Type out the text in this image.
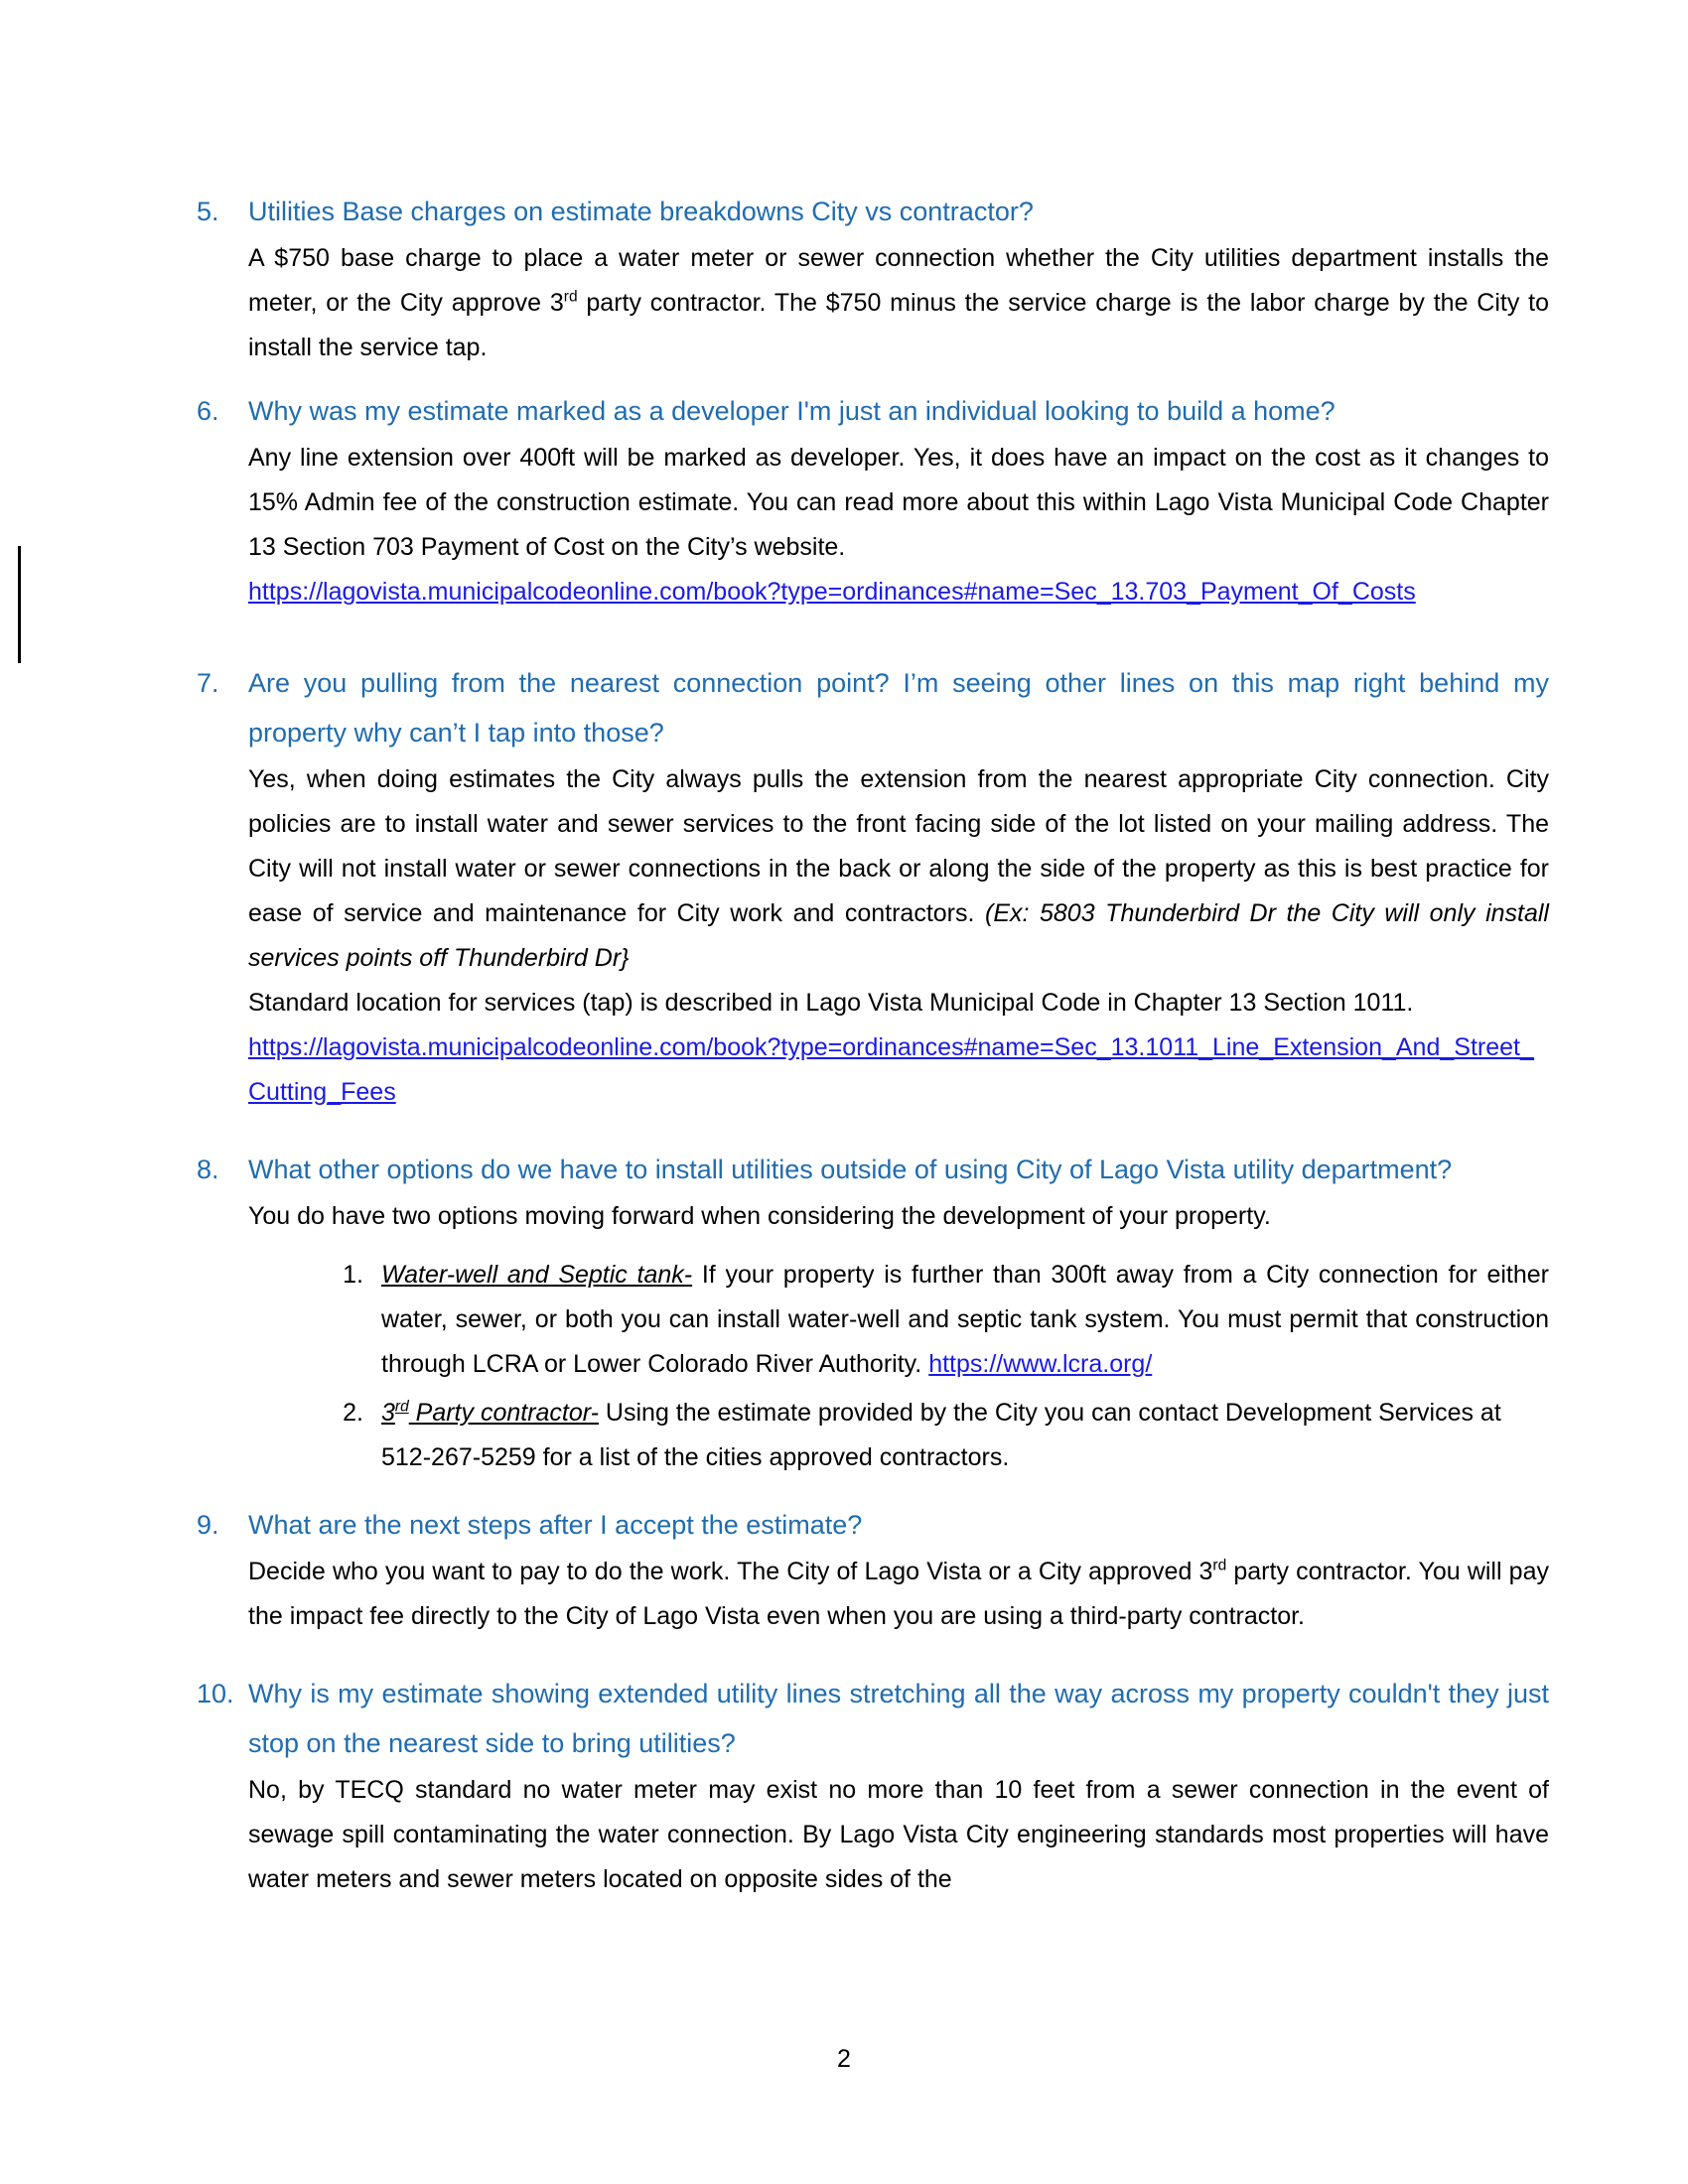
5.	Utilities Base charges on estimate breakdowns City vs contractor?
A $750 base charge to place a water meter or sewer connection whether the City utilities department installs the meter, or the City approve 3rd party contractor. The $750 minus the service charge is the labor charge by the City to install the service tap.
6.	Why was my estimate marked as a developer I'm just an individual looking to build a home?
Any line extension over 400ft will be marked as developer. Yes, it does have an impact on the cost as it changes to 15% Admin fee of the construction estimate. You can read more about this within Lago Vista Municipal Code Chapter 13 Section 703 Payment of Cost on the City’s website.
https://lagovista.municipalcodeonline.com/book?type=ordinances#name=Sec_13.703_Payment_Of_Costs
7.	Are you pulling from the nearest connection point? I’m seeing other lines on this map right behind my property why can’t I tap into those?
Yes, when doing estimates the City always pulls the extension from the nearest appropriate City connection. City policies are to install water and sewer services to the front facing side of the lot listed on your mailing address. The City will not install water or sewer connections in the back or along the side of the property as this is best practice for ease of service and maintenance for City work and contractors. (Ex: 5803 Thunderbird Dr the City will only install services points off Thunderbird Dr}
Standard location for services (tap) is described in Lago Vista Municipal Code in Chapter 13 Section 1011.
https://lagovista.municipalcodeonline.com/book?type=ordinances#name=Sec_13.1011_Line_Extension_And_Street_Cutting_Fees
8.	What other options do we have to install utilities outside of using City of Lago Vista utility department?
You do have two options moving forward when considering the development of your property.
1. Water-well and Septic tank- If your property is further than 300ft away from a City connection for either water, sewer, or both you can install water-well and septic tank system. You must permit that construction through LCRA or Lower Colorado River Authority. https://www.lcra.org/
2. 3rd Party contractor- Using the estimate provided by the City you can contact Development Services at 512-267-5259 for a list of the cities approved contractors.
9.	What are the next steps after I accept the estimate?
Decide who you want to pay to do the work. The City of Lago Vista or a City approved 3rd party contractor. You will pay the impact fee directly to the City of Lago Vista even when you are using a third-party contractor.
10. Why is my estimate showing extended utility lines stretching all the way across my property couldn't they just stop on the nearest side to bring utilities?
No, by TECQ standard no water meter may exist no more than 10 feet from a sewer connection in the event of sewage spill contaminating the water connection. By Lago Vista City engineering standards most properties will have water meters and sewer meters located on opposite sides of the
2
